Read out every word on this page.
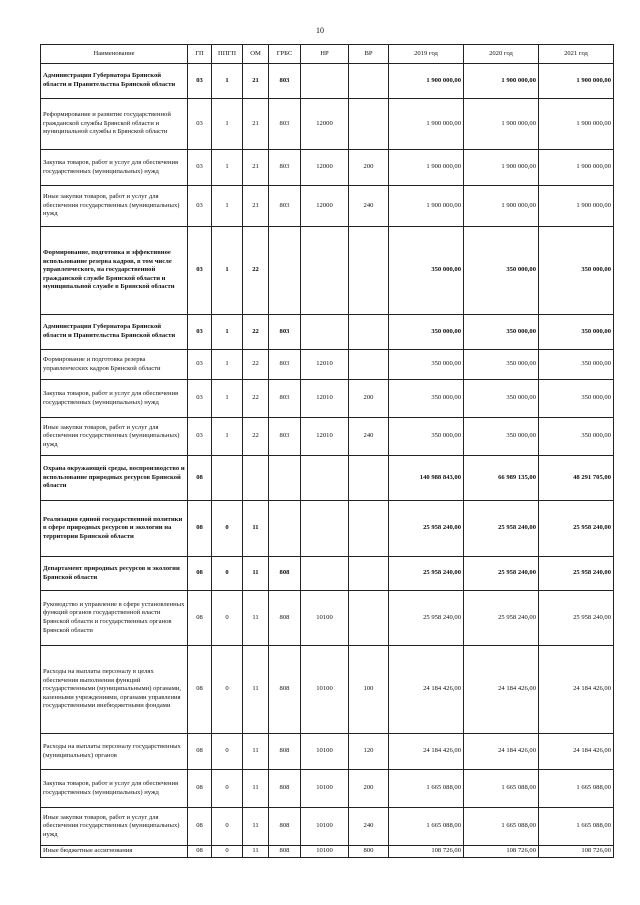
10
Наименование	ГП	ППГП	ОМ	ГРБС	НР	ВР	2019 год	2020 год	2021 год
Администрация Губернатора Брянской области и Правительства Брянской области	03	1	21	803			1 900 000,00	1 900 000,00	1 900 000,00
Реформирование и развитие государственной гражданской службы Брянской области и муниципальной службы в Брянской области	03	1	21	803	12000		1 900 000,00	1 900 000,00	1 900 000,00
Закупка товаров, работ и услуг для обеспечения государственных (муниципальных) нужд	03	1	21	803	12000	200	1 900 000,00	1 900 000,00	1 900 000,00
Иные закупки товаров, работ и услуг для обеспечения государственных (муниципальных) нужд	03	1	21	803	12000	240	1 900 000,00	1 900 000,00	1 900 000,00
Формирование, подготовка и эффективное использование резерва кадров, в том числе управленческого, на государственной гражданской службе Брянской области и муниципальной службе в Брянской области	03	1	22				350 000,00	350 000,00	350 000,00
Администрация Губернатора Брянской области и Правительства Брянской области	03	1	22	803			350 000,00	350 000,00	350 000,00
Формирование и подготовка резерва управленческих кадров Брянской области	03	1	22	803	12010		350 000,00	350 000,00	350 000,00
Закупка товаров, работ и услуг для обеспечения государственных (муниципальных) нужд	03	1	22	803	12010	200	350 000,00	350 000,00	350 000,00
Иные закупки товаров, работ и услуг для обеспечения государственных (муниципальных) нужд	03	1	22	803	12010	240	350 000,00	350 000,00	350 000,00
Охрана окружающей среды, воспроизводство и использование природных ресурсов Брянской области	08						140 988 843,00	66 989 135,00	48 291 705,00
Реализация единой государственной политики в сфере природных ресурсов и экологии на территории Брянской области	08	0	11				25 958 240,00	25 958 240,00	25 958 240,00
Департамент природных ресурсов и экологии Брянской области	08	0	11	808			25 958 240,00	25 958 240,00	25 958 240,00
Руководство и управление в сфере установленных функций органов государственной власти Брянской области и государственных органов Брянской области	08	0	11	808	10100		25 958 240,00	25 958 240,00	25 958 240,00
Расходы на выплаты персоналу в целях обеспечения выполнения функций государственными (муниципальными) органами, казенными учреждениями, органами управления государственными внебюджетными фондами	08	0	11	808	10100	100	24 184 426,00	24 184 426,00	24 184 426,00
Расходы на выплаты персоналу государственных (муниципальных) органов	08	0	11	808	10100	120	24 184 426,00	24 184 426,00	24 184 426,00
Закупка товаров, работ и услуг для обеспечения государственных (муниципальных) нужд	08	0	11	808	10100	200	1 665 088,00	1 665 088,00	1 665 088,00
Иные закупки товаров, работ и услуг для обеспечения государственных (муниципальных) нужд	08	0	11	808	10100	240	1 665 088,00	1 665 088,00	1 665 088,00
Иные бюджетные ассигнования	08	0	11	808	10100	800	108 726,00	108 726,00	108 726,00
